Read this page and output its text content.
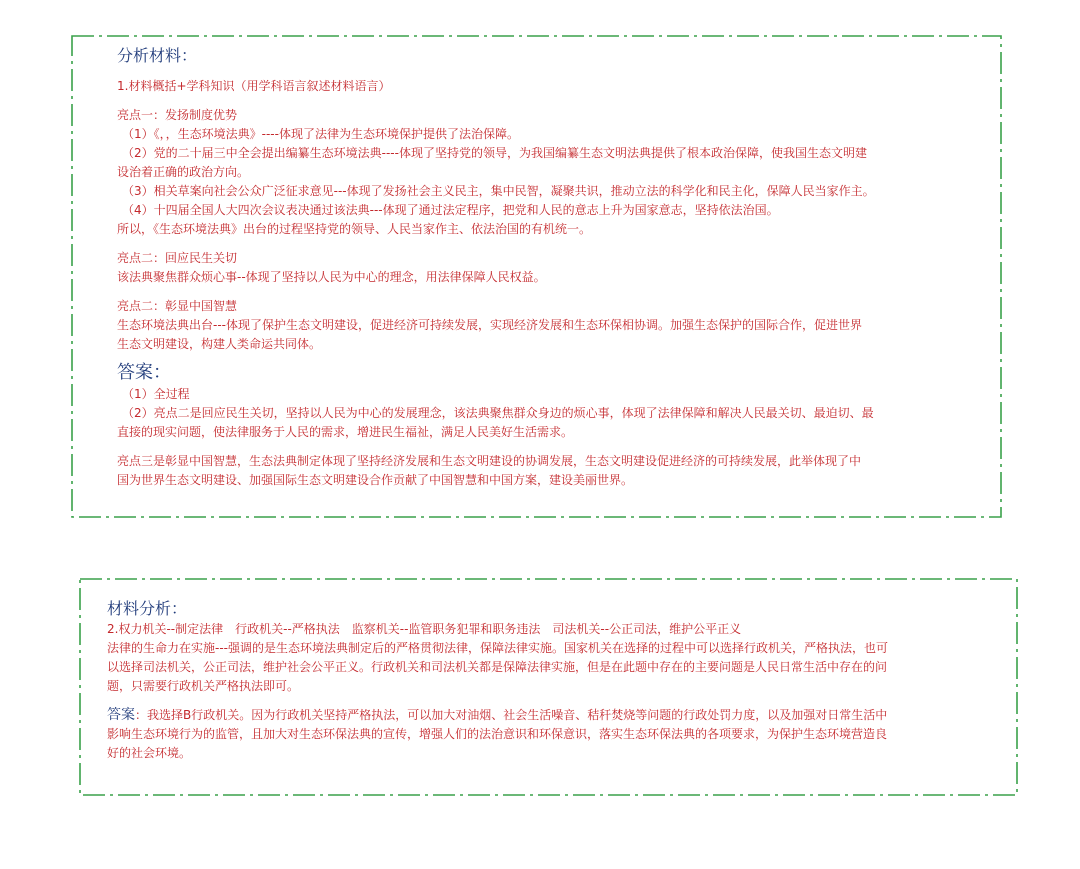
分析材料：

1.材料概括+学科知识（用学科语言叙述材料语言）

亮点一：发扬制度优势

（1）《，，生态环境法典》----体现了法律为生态环境保护提供了法治保障。

（2）党的二十届三中全会提出编纂生态环境法典----体现了坚持党的领导，为我国编纂生态文明法典提供了根本政治保障，使我国生态文明建

设治着正确的政治方向。

（3）相关草案向社会公众广泛征求意见---体现了发扬社会主义民主，集中民智，凝聚共识，推动立法的科学化和民主化，保障人民当家作主。

（4）十四届全国人大四次会议表决通过该法典---体现了通过法定程序，把党和人民的意志上升为国家意志，坚持依法治国。

所以，《生态环境法典》出台的过程坚持党的领导、人民当家作主、依法治国的有机统一。

亮点二：回应民生关切

该法典聚焦群众烦心事--体现了坚持以人民为中心的理念，用法律保障人民权益。

亮点二：彰显中国智慧

生态环境法典出台---体现了保护生态文明建设，促进经济可持续发展，实现经济发展和生态环保相协调。加强生态保护的国际合作，促进世界

生态文明建设，构建人类命运共同体。

答案：

（1）全过程

（2）亮点二是回应民生关切，坚持以人民为中心的发展理念，该法典聚焦群众身边的烦心事，体现了法律保障和解决人民最关切、最迫切、最

直接的现实问题，使法律服务于人民的需求，增进民生福祉，满足人民美好生活需求。

亮点三是彰显中国智慧，生态法典制定体现了坚持经济发展和生态文明建设的协调发展，生态文明建设促进经济的可持续发展，此举体现了中

国为世界生态文明建设、加强国际生态文明建设合作贡献了中国智慧和中国方案，建设美丽世界。

材料分析：

2.权力机关--制定法律　行政机关--严格执法　监察机关--监管职务犯罪和职务违法　司法机关--公正司法，维护公平正义

法律的生命力在实施---强调的是生态环境法典制定后的严格贯彻法律，保障法律实施。国家机关在选择的过程中可以选择行政机关，严格执法，也可

以选择司法机关，公正司法，维护社会公平正义。行政机关和司法机关都是保障法律实施，但是在此题中存在的主要问题是人民日常生活中存在的问

题，只需要行政机关严格执法即可。

答案：我选择B行政机关。因为行政机关坚持严格执法，可以加大对油烟、社会生活噪音、秸秆焚烧等问题的行政处罚力度，以及加强对日常生活中

影响生态环境行为的监管，且加大对生态环保法典的宣传，增强人们的法治意识和环保意识，落实生态环保法典的各项要求，为保护生态环境营造良

好的社会环境。
